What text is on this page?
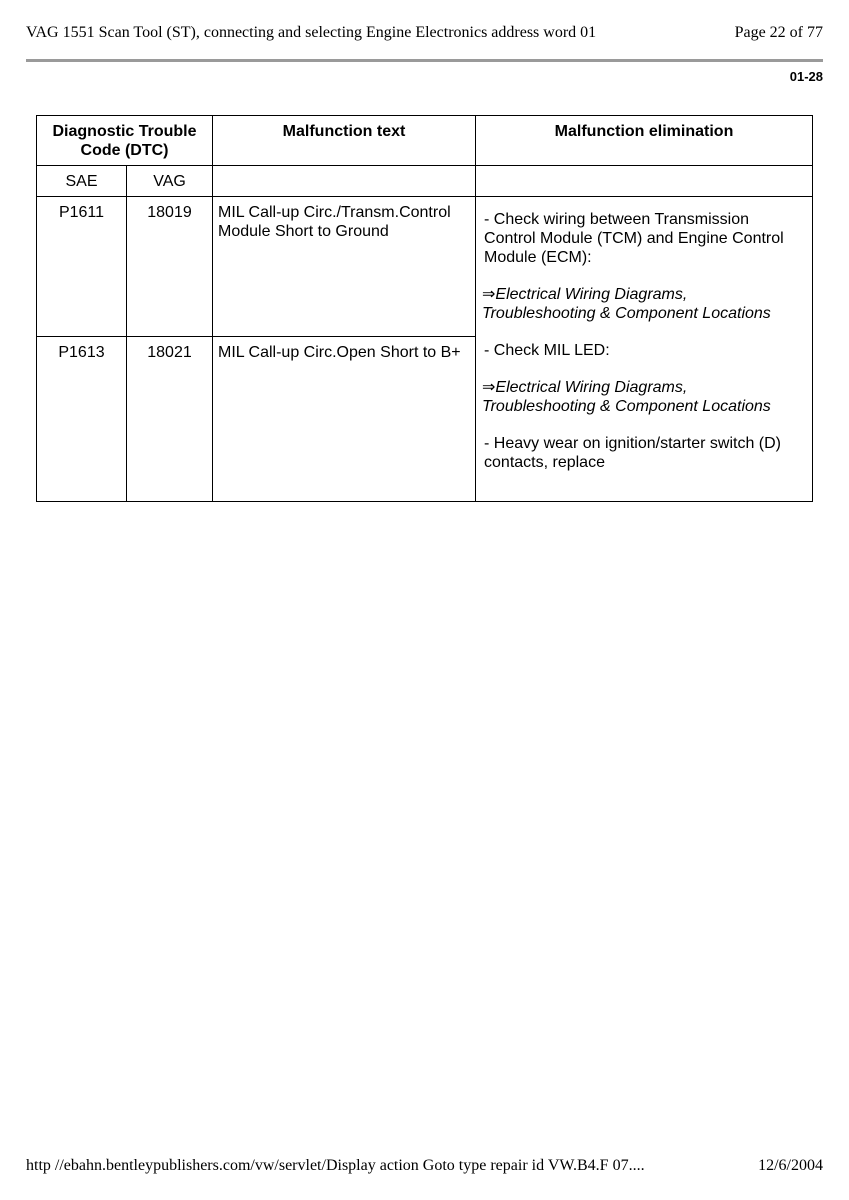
VAG 1551 Scan Tool (ST), connecting and selecting Engine Electronics address word 01	Page 22 of 77
01-28
Diagnostic Trouble Code (DTC)		Malfunction text	Malfunction elimination
SAE	VAG		
P1611	18019	MIL Call-up Circ./Transm.Control Module Short to Ground	- Check wiring between Transmission Control Module (TCM) and Engine Control Module (ECM):

⇒Electrical Wiring Diagrams, Troubleshooting & Component Locations

- Check MIL LED:

⇒Electrical Wiring Diagrams, Troubleshooting & Component Locations

- Heavy wear on ignition/starter switch (D) contacts, replace

P1613	18021	MIL Call-up Circ.Open Short to B+	
http //ebahn.bentleypublishers.com/vw/servlet/Display action Goto type repair id VW.B4.F 07....	12/6/2004
